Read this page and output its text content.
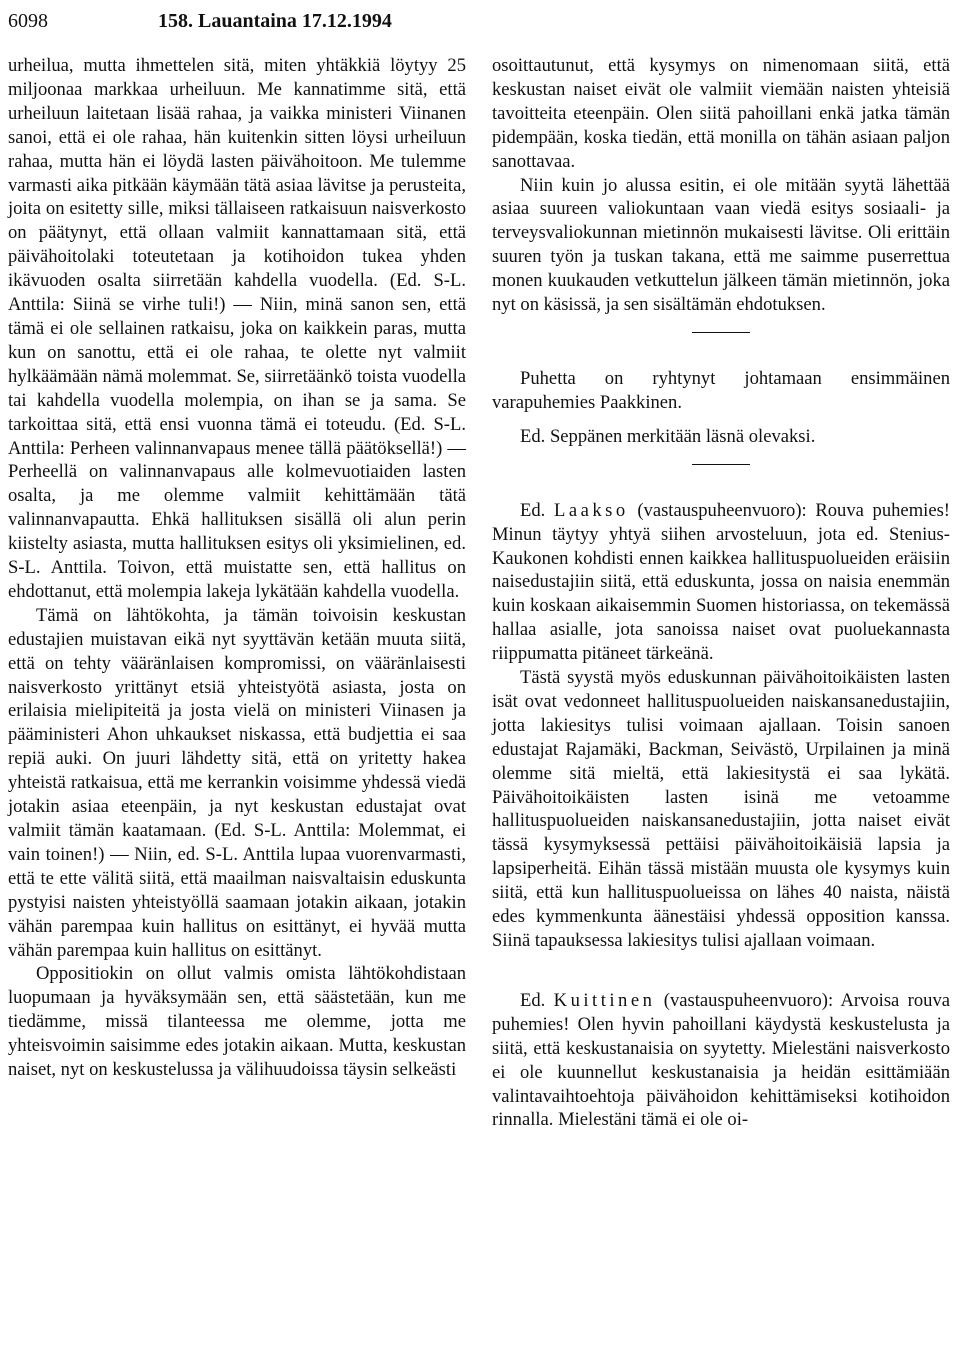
6098	158. Lauantaina 17.12.1994

urheilua, mutta ihmettelen sitä, miten yhtäkkiä löytyy 25 miljoonaa markkaa urheiluun. Me kannatimme sitä, että urheiluun laitetaan lisää rahaa, ja vaikka ministeri Viinanen sanoi, että ei ole rahaa, hän kuitenkin sitten löysi urheiluun rahaa, mutta hän ei löydä lasten päivähoitoon. Me tulemme varmasti aika pitkään käymään tätä asiaa lävitse ja perusteita, joita on esitetty sille, miksi tällaiseen ratkaisuun naisverkosto on päätynyt, että ollaan valmiit kannattamaan sitä, että päivähoitolaki toteutetaan ja kotihoidon tukea yhden ikävuoden osalta siirretään kahdella vuodella. (Ed. S-L. Anttila: Siinä se virhe tuli!) — Niin, minä sanon sen, että tämä ei ole sellainen ratkaisu, joka on kaikkein paras, mutta kun on sanottu, että ei ole rahaa, te olette nyt valmiit hylkäämään nämä molemmat. Se, siirretäänkö toista vuodella tai kahdella vuodella molempia, on ihan se ja sama. Se tarkoittaa sitä, että ensi vuonna tämä ei toteudu. (Ed. S-L. Anttila: Perheen valinnanvapaus menee tällä päätöksellä!) — Perheellä on valinnanvapaus alle kolmevuotiaiden lasten osalta, ja me olemme valmiit kehittämään tätä valinnanvapautta. Ehkä hallituksen sisällä oli alun perin kiistelty asiasta, mutta hallituksen esitys oli yksimielinen, ed. S-L. Anttila. Toivon, että muistatte sen, että hallitus on ehdottanut, että molempia lakeja lykätään kahdella vuodella.

Tämä on lähtökohta, ja tämän toivoisin keskustan edustajien muistavan eikä nyt syyttävän ketään muuta siitä, että on tehty vääränlaisen kompromissi, on vääränlaisesti naisverkosto yrittänyt etsiä yhteistyötä asiasta, josta on erilaisia mielipiteitä ja josta vielä on ministeri Viinasen ja pääministeri Ahon uhkaukset niskassa, että budjettia ei saa repiä auki. On juuri lähdetty sitä, että on yritetty hakea yhteistä ratkaisua, että me kerrankin voisimme yhdessä viedä jotakin asiaa eteenpäin, ja nyt keskustan edustajat ovat valmiit tämän kaatamaan. (Ed. S-L. Anttila: Molemmat, ei vain toinen!) — Niin, ed. S-L. Anttila lupaa vuorenvarmasti, että te ette välitä siitä, että maailman naisvaltaisin eduskunta pystyisi naisten yhteistyöllä saamaan jotakin aikaan, jotakin vähän parempaa kuin hallitus on esittänyt, ei hyvää mutta vähän parempaa kuin hallitus on esittänyt.

Oppositiokin on ollut valmis omista lähtökohdistaan luopumaan ja hyväksymään sen, että säästetään, kun me tiedämme, missä tilanteessa me olemme, jotta me yhteisvoimin saisimme edes jotakin aikaan. Mutta, keskustan naiset, nyt on keskustelussa ja välihuudoissa täysin selkeästi

osoittautunut, että kysymys on nimenomaan siitä, että keskustan naiset eivät ole valmiit viemään naisten yhteisiä tavoitteita eteenpäin. Olen siitä pahoillani enkä jatka tämän pidempään, koska tiedän, että monilla on tähän asiaan paljon sanottavaa.

Niin kuin jo alussa esitin, ei ole mitään syytä lähettää asiaa suureen valiokuntaan vaan viedä esitys sosiaali- ja terveysvaliokunnan mietinnön mukaisesti lävitse. Oli erittäin suuren työn ja tuskan takana, että me saimme puserrettua monen kuukauden vetkuttelun jälkeen tämän mietinnön, joka nyt on käsissä, ja sen sisältämän ehdotuksen.

Puhetta on ryhtynyt johtamaan ensimmäinen varapuhemies Paakkinen.

Ed. Seppänen merkitään läsnä olevaksi.

Ed. Laakso (vastauspuheenvuoro): Rouva puhemies! Minun täytyy yhtyä siihen arvosteluun, jota ed. Stenius-Kaukonen kohdisti ennen kaikkea hallituspuolueiden eräisiin naisedustajiin siitä, että eduskunta, jossa on naisia enemmän kuin koskaan aikaisemmin Suomen historiassa, on tekemässä hallaa asialle, jota sanoissa naiset ovat puoluekannasta riippumatta pitäneet tärkeänä.

Tästä syystä myös eduskunnan päivähoitoikäisten lasten isät ovat vedonneet hallituspuolueiden naiskansanedustajiin, jotta lakiesitys tulisi voimaan ajallaan. Toisin sanoen edustajat Rajamäki, Backman, Seivästö, Urpilainen ja minä olemme sitä mieltä, että lakiesitystä ei saa lykätä. Päivähoitoikäisten lasten isinä me vetoamme hallituspuolueiden naiskansanedustajiin, jotta naiset eivät tässä kysymyksessä pettäisi päivähoitoikäisiä lapsia ja lapsiperheitä. Eihän tässä mistään muusta ole kysymys kuin siitä, että kun hallituspuolueissa on lähes 40 naista, näistä edes kymmenkunta äänestäisi yhdessä opposition kanssa. Siinä tapauksessa lakiesitys tulisi ajallaan voimaan.

Ed. Kuittinen (vastauspuheenvuoro): Arvoisa rouva puhemies! Olen hyvin pahoillani käydystä keskustelusta ja siitä, että keskustanaisia on syytetty. Mielestäni naisverkosto ei ole kuunnellut keskustanaisia ja heidän esittämiään valintavaihtoehtoja päivähoidon kehittämiseksi kotihoidon rinnalla. Mielestäni tämä ei ole oi-
